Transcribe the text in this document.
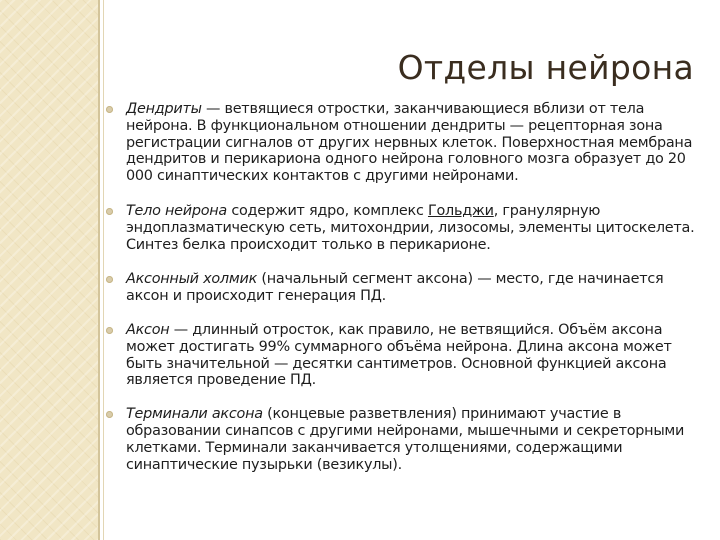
Отделы нейрона
Дендриты — ветвящиеся отростки, заканчивающиеся вблизи от тела нейрона. В функциональном отношении дендриты — рецепторная зона регистрации сигналов от других нервных клеток. Поверхностная мембрана дендритов и перикариона одного нейрона головного мозга образует до 20 000 синаптических контактов с другими нейронами.
Тело нейрона содержит ядро, комплекс Гольджи, гранулярную эндоплазматическую сеть, митохондрии, лизосомы, элементы цитоскелета. Синтез белка происходит только в перикарионе.
Аксонный холмик (начальный сегмент аксона) — место, где начинается аксон и происходит генерация ПД.
Аксон — длинный отросток, как правило, не ветвящийся. Объём аксона может достигать 99% суммарного объёма нейрона. Длина аксона может быть значительной — десятки сантиметров. Основной функцией аксона является проведение ПД.
Терминали аксона (концевые разветвления) принимают участие в образовании синапсов с другими нейронами, мышечными и секреторными клетками. Терминали заканчивается утолщениями, содержащими синаптические пузырьки (везикулы).
